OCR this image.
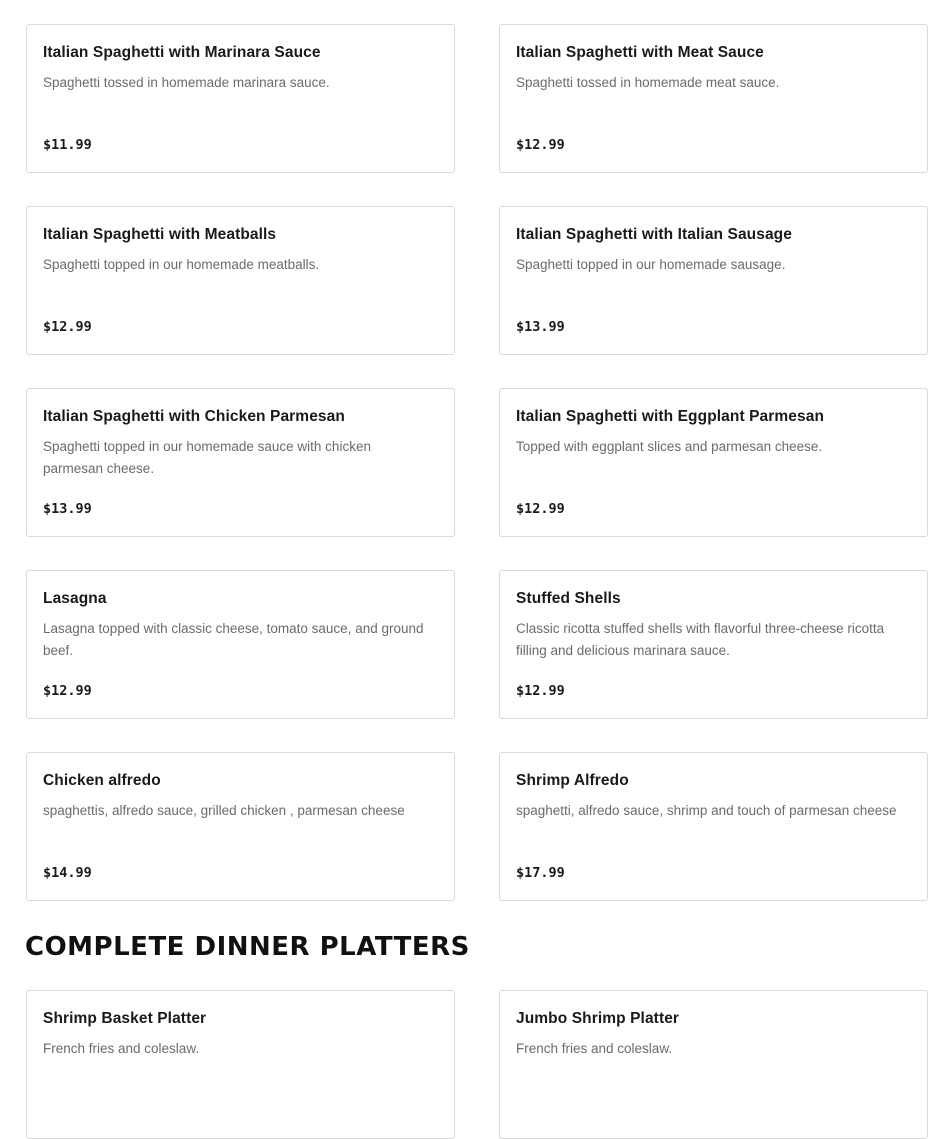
Italian Spaghetti with Marinara Sauce
Spaghetti tossed in homemade marinara sauce.
$11.99
Italian Spaghetti with Meat Sauce
Spaghetti tossed in homemade meat sauce.
$12.99
Italian Spaghetti with Meatballs
Spaghetti topped in our homemade meatballs.
$12.99
Italian Spaghetti with Italian Sausage
Spaghetti topped in our homemade sausage.
$13.99
Italian Spaghetti with Chicken Parmesan
Spaghetti topped in our homemade sauce with chicken parmesan cheese.
$13.99
Italian Spaghetti with Eggplant Parmesan
Topped with eggplant slices and parmesan cheese.
$12.99
Lasagna
Lasagna topped with classic cheese, tomato sauce, and ground beef.
$12.99
Stuffed Shells
Classic ricotta stuffed shells with flavorful three-cheese ricotta filling and delicious marinara sauce.
$12.99
Chicken alfredo
spaghettis, alfredo sauce, grilled chicken , parmesan cheese
$14.99
Shrimp Alfredo
spaghetti, alfredo sauce, shrimp and touch of parmesan cheese
$17.99
COMPLETE DINNER PLATTERS
Shrimp Basket Platter
French fries and coleslaw.
Jumbo Shrimp Platter
French fries and coleslaw.
